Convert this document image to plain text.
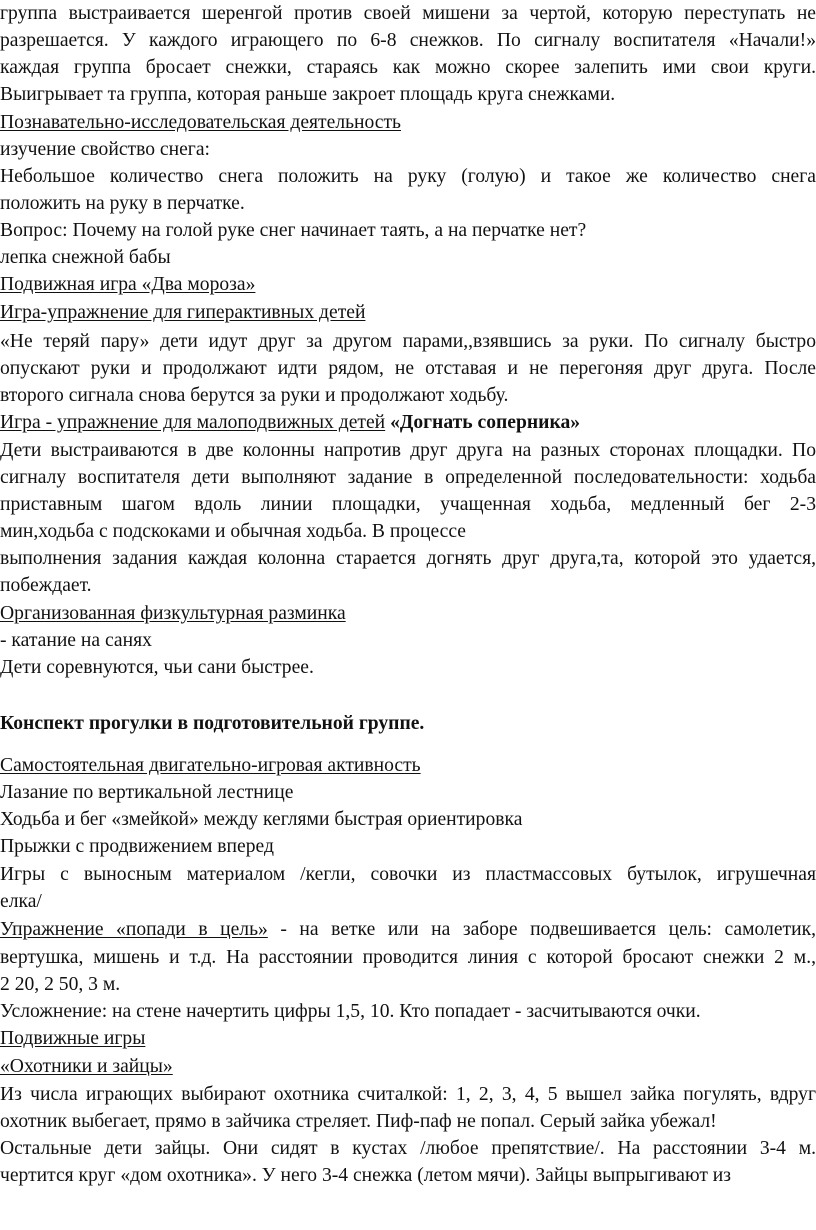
группа выстраивается шеренгой против своей мишени за чертой, которую переступать не
разрешается. У каждого играющего по 6-8 снежков. По сигналу воспитателя «Начали!»
каждая группа бросает снежки, стараясь как можно скорее залепить ими свои круги.
Выигрывает та группа, которая раньше закроет площадь круга снежками.
Познавательно-исследовательская деятельность
изучение свойство снега:
Небольшое количество снега положить на руку (голую) и такое же количество снега
положить на руку в перчатке.
Вопрос: Почему на голой руке снег начинает таять, а на перчатке нет?
лепка снежной бабы
Подвижная игра «Два мороза»
Игра-упражнение для гиперактивных детей
«Не теряй пару» дети идут друг за другом парами,,взявшись за руки. По сигналу быстро
опускают руки и продолжают идти рядом, не отставая и не перегоняя друг друга. После
второго сигнала снова берутся за руки и продолжают ходьбу.
Игра - упражнение для малоподвижных детей «Догнать соперника»
Дети выстраиваются в две колонны напротив друг друга на разных сторонах площадки. По
сигналу воспитателя дети выполняют задание в определенной последовательности: ходьба
приставным шагом вдоль линии площадки, учащенная ходьба, медленный бег 2-3
мин,ходьба с подскоками и обычная ходьба. В процессе
выполнения задания каждая колонна старается догнять друг друга,та, которой это удается,
побеждает.
Организованная физкультурная разминка
- катание на санях
Дети соревнуются, чьи сани быстрее.
Конспект прогулки в подготовительной группе.
Самостоятельная двигательно-игровая активность
Лазание по вертикальной лестнице
Ходьба и бег «змейкой» между кеглями быстрая ориентировка
Прыжки с продвижением вперед
Игры с выносным материалом /кегли, совочки из пластмассовых бутылок, игрушечная
елка/
Упражнение «попади в цель» - на ветке или на заборе подвешивается цель: самолетик,
вертушка, мишень и т.д. На расстоянии проводится линия с которой бросают снежки 2 м.,
2 20, 2 50, 3 м.
Усложнение: на стене начертить цифры 1,5, 10. Кто попадает - засчитываются очки.
Подвижные игры
«Охотники и зайцы»
Из числа играющих выбирают охотника считалкой: 1, 2, 3, 4, 5 вышел зайка погулять, вдруг
охотник выбегает, прямо в зайчика стреляет. Пиф-паф не попал. Серый зайка убежал!
Остальные дети зайцы. Они сидят в кустах /любое препятствие/. На расстоянии 3-4 м.
чертится круг «дом охотника». У него 3-4 снежка (летом мячи). Зайцы выпрыгивают из
